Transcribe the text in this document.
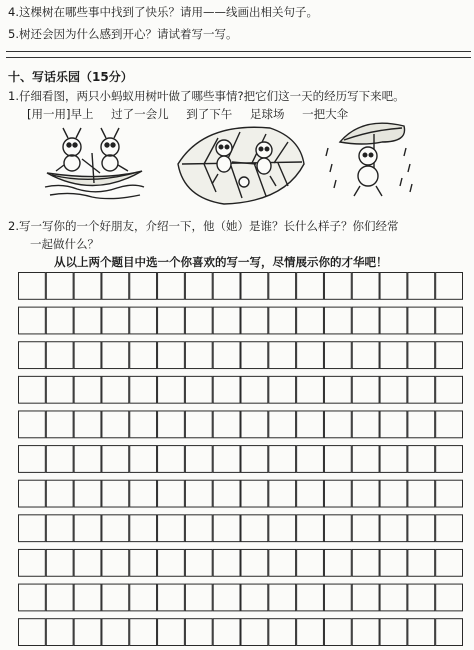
4.这棵树在哪些事中找到了快乐？请用——线画出相关句子。
5.树还会因为什么感到开心？请试着写一写。
十、写话乐园（15分）
1.仔细看图，两只小蚂蚁用树叶做了哪些事情?把它们这一天的经历写下来吧。
[用一用]早上 过了一会儿 到了下午 足球场 一把大伞
2.写一写你的一个好朋友，介绍一下，他（她）是谁？长什么样子？你们经常
一起做什么？
从以上两个题目中选一个你喜欢的写一写，尽情展示你的才华吧！
